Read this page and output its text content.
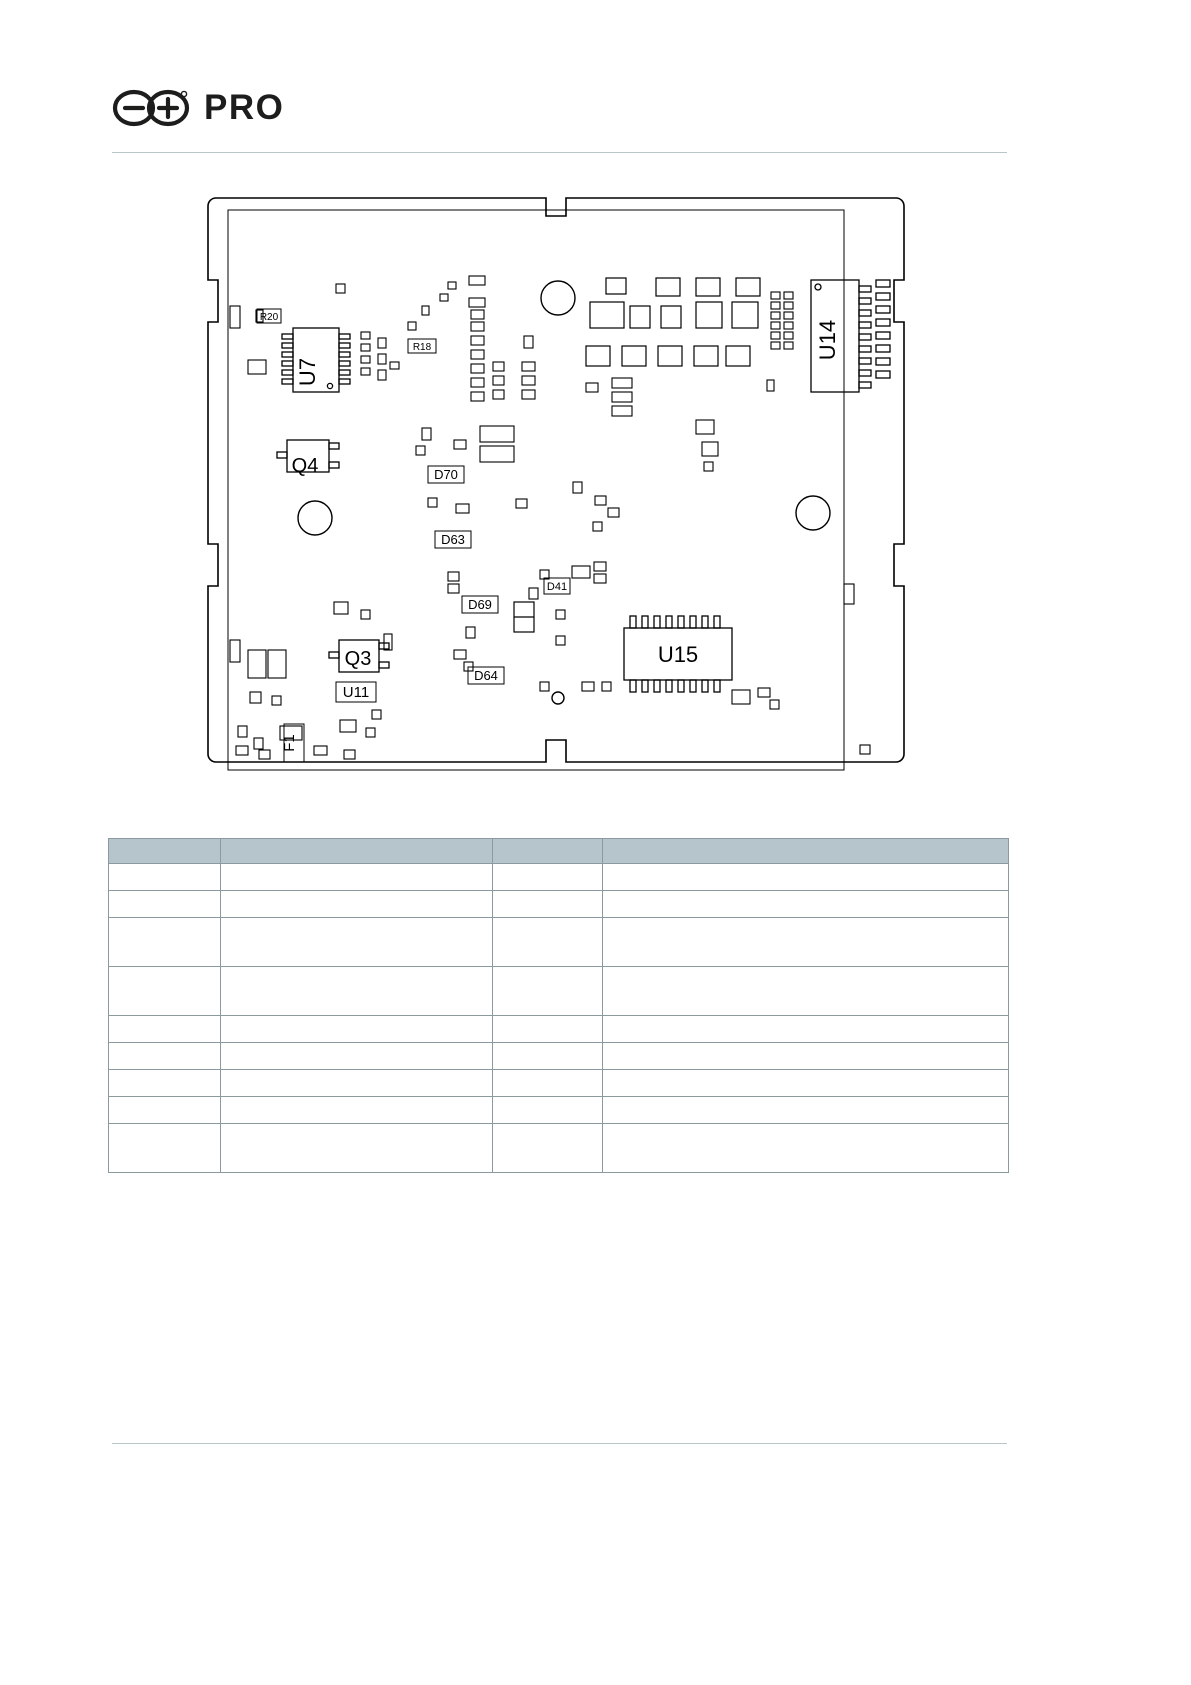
PRO
U7
U14
U15
Q4
Q3
U11
F1
D70
D63
D69
D64
D41
R20
R18
